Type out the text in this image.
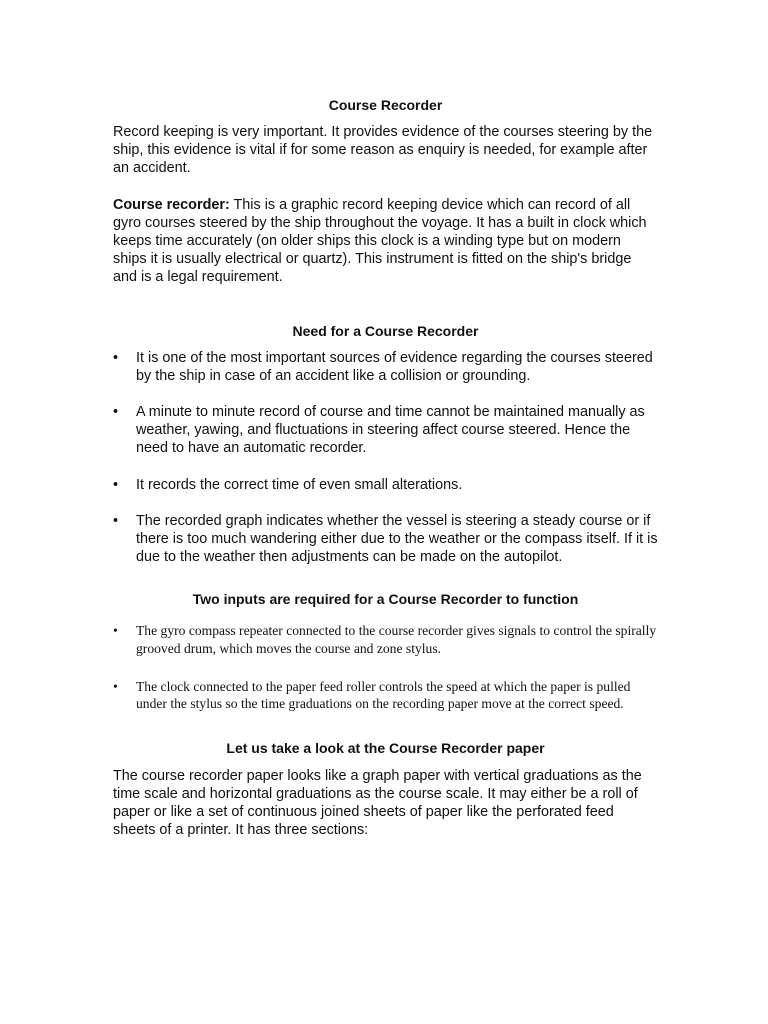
Course Recorder

Record keeping is very important. It provides evidence of the courses steering by the ship, this evidence is vital if for some reason as enquiry is needed, for example after an accident.

Course recorder: This is a graphic record keeping device which can record of all gyro courses steered by the ship throughout the voyage. It has a built in clock which keeps time accurately (on older ships this clock is a winding type but on modern ships it is usually electrical or quartz). This instrument is fitted on the ship's bridge and is a legal requirement.

Need for a Course Recorder
• It is one of the most important sources of evidence regarding the courses steered by the ship in case of an accident like a collision or grounding.
• A minute to minute record of course and time cannot be maintained manually as weather, yawing, and fluctuations in steering affect course steered. Hence the need to have an automatic recorder.
• It records the correct time of even small alterations.
• The recorded graph indicates whether the vessel is steering a steady course or if there is too much wandering either due to the weather or the compass itself. If it is due to the weather then adjustments can be made on the autopilot.
Two inputs are required for a Course Recorder to function
• The gyro compass repeater connected to the course recorder gives signals to control the spirally grooved drum, which moves the course and zone stylus.
• The clock connected to the paper feed roller controls the speed at which the paper is pulled under the stylus so the time graduations on the recording paper move at the correct speed.
Let us take a look at the Course Recorder paper

The course recorder paper looks like a graph paper with vertical graduations as the time scale and horizontal graduations as the course scale. It may either be a roll of paper or like a set of continuous joined sheets of paper like the perforated feed sheets of a printer. It has three sections:
